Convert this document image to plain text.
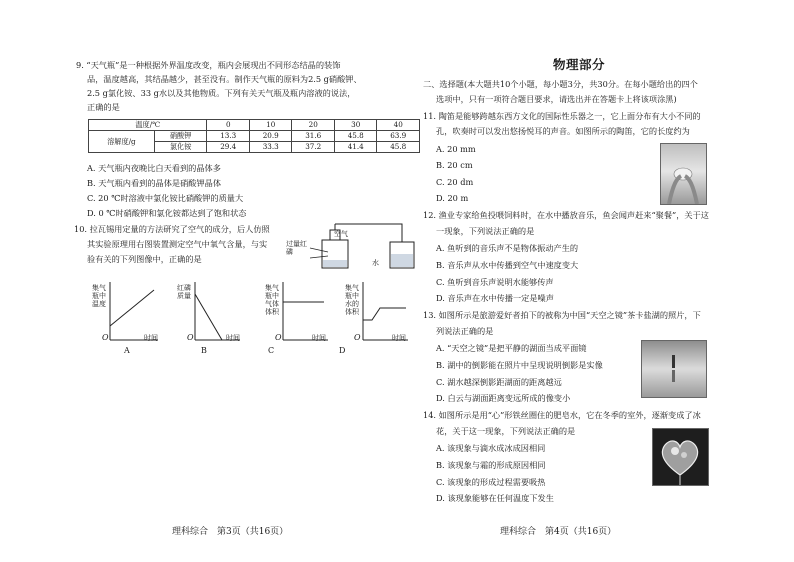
9. “天气瓶”是一种根据外界温度改变，瓶内会展现出不同形态结晶的装饰
品，温度越高，其结晶越少，甚至没有。制作天气瓶的原料为2.5 g硝酸钾、
2.5 g氯化铵、33 g水以及其他物质。下列有关天气瓶及瓶内溶液的说法，
正确的是
温度/℃		0	10	20	30	40
溶解度/g	硝酸钾	13.3	20.9	31.6	45.8	63.9
	氯化铵	29.4	33.3	37.2	41.4	45.8
A. 天气瓶内夜晚比白天看到的晶体多
B. 天气瓶内看到的晶体是硝酸钾晶体
C. 20 ℃时溶液中氯化铵比硝酸钾的质量大
D. 0 ℃时硝酸钾和氯化铵都达到了饱和状态
10. 拉瓦锡用定量的方法研究了空气的成分，后人仿照
其实验原理用右图装置测定空气中氧气含量，与实
验有关的下列图像中，正确的是
过量红磷
空气
水
集气
瓶中
温度
红磷
质量
集气
瓶中
气体
体积
集气
瓶中
水的
体积
O	时间	O	时间	O	时间	O	时间
A	B	C	D
理科综合　第3页（共16页）
物理部分
二、选择题(本大题共10个小题，每小题3分，共30分。在每小题给出的四个
选项中，只有一项符合题目要求，请选出并在答题卡上将该项涂黑)
11. 陶笛是能够跨越东西方文化的国际性乐器之一，它上面分布有大小不同的
孔，吹奏时可以发出悠扬悦耳的声音。如图所示的陶笛，它的长度约为
A. 20 mm
B. 20 cm
C. 20 dm
D. 20 m
12. 渔业专家给鱼投喂饲料时，在水中播放音乐，鱼会闻声赶来“聚餐”，关于这
一现象，下列说法正确的是
A. 鱼听到的音乐声不是物体振动产生的
B. 音乐声从水中传播到空气中速度变大
C. 鱼听到音乐声说明水能够传声
D. 音乐声在水中传播一定是噪声
13. 如图所示是旅游爱好者拍下的被称为中国“天空之镜”茶卡盐湖的照片，下
列说法正确的是
A. “天空之镜”是把平静的湖面当成平面镜
B. 湖中的倒影能在照片中呈现说明倒影是实像
C. 湖水越深倒影距湖面的距离越远
D. 白云与湖面距离变远所成的像变小
14. 如图所示是用“心”形铁丝圈住的肥皂水，它在冬季的室外，逐渐变成了冰
花，关于这一现象，下列说法正确的是
A. 该现象与滴水成冰成因相同
B. 该现象与霜的形成原因相同
C. 该现象的形成过程需要吸热
D. 该现象能够在任何温度下发生
理科综合　第4页（共16页）
